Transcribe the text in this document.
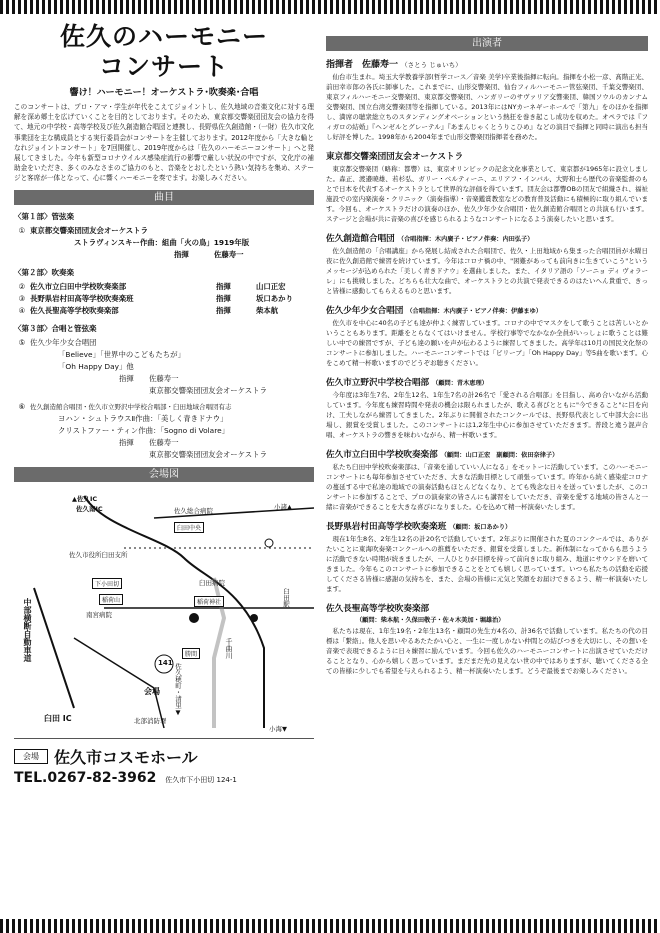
佐久のハーモニー
コンサート
響け！ハーモニー！オーケストラ･吹奏楽･合唱
このコンサートは、プロ・アマ・学生が年代をこえてジョイントし、佐久地域の音楽文化に対する理解を深め郷土を広げていくことを目的としております。そのため、東京都交響楽団団友会の協力を得て、地元の中学校・高等学校及び佐久創造館合唱団と連携し、長野県佐久創造館・（一財）佐久市文化事業団を主な構成員とする実行委員会がコンサートを主催しております。2012年度から「大きな輪となれジョイントコンサート」を7回開催し、2019年度からは「佐久のハーモニーコンサート」へと発展してきました。今年も新型コロナウイルス感染症流行の影響で厳しい状況の中ですが、文化庁の補助金をいただき、多くのみなさまのご協力のもと、音楽をとおしたという熱い気持ちを集め、ステージと客席が一体となって、心に響くハーモニーを奏でます。お楽しみください。
曲目
〈第１部〉管弦楽
① 東京都交響楽団団友会オーケストラ
ストラヴィンスキー作曲：組曲「火の鳥」1919年版
指揮	佐藤寿一
〈第２部〉吹奏楽
② 佐久市立臼田中学校吹奏楽部	指揮	山口正宏
③ 長野県岩村田高等学校吹奏楽班	指揮	坂口あかり
④ 佐久長聖高等学校吹奏楽部	指揮	柴本航
〈第３部〉合唱と管弦楽
⑤ 佐久少年少女合唱団
「Believe」「世界中のこどもたちが」
「Oh Happy Day」他
指揮	佐藤寿一
東京都交響楽団団友会オーケストラ
⑥ 佐久創造館合唱団・佐久市立野沢中学校合唱部・臼田地域合唱団有志
ヨハン・シュトラウスⅡ作曲：「美しく青きドナウ」
クリストファー・ティン作曲：「Sogno di Volare」
指揮	佐藤寿一
東京都交響楽団団友会オーケストラ
会場図
▲佐久IC
佐久南IC	佐久総合病院
臼田中央
佐久市役所臼田支所
下小田切
稲荷山
臼田病院
稲荷神社
南宮病院
中部横断自動車道
臼田 IC
会場
北部消防署
小諸▲
小海▼
千曲川
臼田駅
佐久穂町・清里▼
勝間
141
会場 佐久市コスモホール
TEL.0267-82-3962 佐久市下小田切 124-1
出演者
指揮者　佐藤寿一 （さとう じゅいち）
仙台市生まれ。埼玉大学教養学部(哲学コース／音楽 美学)卒業後指揮に転向。指揮を小松一彦、髙階正光、前田幸市郎の各氏に師事した。これまでに、山形交響楽団、仙台フィルハーモニー管弦楽団、千葉交響楽団、東京フィルハーモニー交響楽団、東京都交響楽団、ハンガリーのサヴァリア交響楽団、韓国ソウルのカンナム交響楽団、国立台湾交響楽団等を指揮している。2013年にはNYカーネギーホールで「第九」をのほかを指揮し、満席の聴衆総立ちのスタンディングオベーションという熱狂を巻き起こし成功を収めた。オペラでは『フィガロの結婚』『ヘンゼルとグレーテル』『あまんじゃくとうりこひめ』などの演目で指揮と同時に演出も担当し好評を博した。1998年から2004年まで山形交響楽団指揮者を務めた。
東京都交響楽団団友会オーケストラ
東京都交響楽団（略称：都響）は、東京オリンピックの記念文化事業として、東京都が1965年に設立しました。森正、渡邉暁雄、若杉弘、ガリー・ベルティーニ、エリアフ・インバル、大野和士ら歴代の音楽監督のもとで日本を代表するオーケストラとして世界的な評価を得ています。団友会は都響OBの団友で組織され、福祉施設での室内楽演奏・クリニック（演奏指導）・音楽鑑賞教室などの教育普及活動にも積極的に取り組んでいます。今回も、オーケストラだけの演奏のほか、佐久少年少女合唱団・佐久創造館合唱団との共演も行います。ステージと会場が共に音楽の喜びを感じられるようなコンサートになるよう演奏したいと思います。
佐久創造館合唱団 （合唱指揮：木内廣子・ピアノ伴奏：内田弘子）
佐久創造館の「合唱講座」から発展し結成された合唱団で、佐久・上田地域から集まった合唱団員が水曜日夜に佐久創造館で練習を続けています。今年はコロナ禍の中、"困難があっても前向きに生きていこう"というメッセージが込められた「美しく青きドナウ」を選曲しました。また、イタリア語の「ソーニョ ディ ヴォラーレ」にも挑戦しました。どちらも壮大な曲で、オーケストラとの共演で発表できるのはたいへん貴重で、きっと皆様に感動してもらえるものと思います。
佐久少年少女合唱団 （合唱指揮：木内廣子・ピアノ伴奏：伊藤まゆ）
佐久市を中心に40名の子ども達が仲よく練習しています。コロナの中でマスクをして歌うことは苦しいとかいうこともあります。距離をとらなくてはいけません。学校行事等でなかなか全員がいっしょに歌うことは難しい中での練習ですが、子ども達の願いを声が伝わるように練習してきました。高学年は10月の国民文化祭のコンサートに参加しました。ハーモニーコンサートでは「ビリーブ」「Oh Happy Day」等5曲を歌います。心をこめて精一杯歌いますのでどうぞお聴きください。
佐久市立野沢中学校合唱部 （顧問：青木恵理）
今年度は3年生7名、2年生12名、1年生7名の計26名で「愛される合唱部」を目指し、高め合いながら活動しています。今年度も練習時間や発表の機会は限られましたが、歌える喜びとともに"今できること"に目を向け、工夫しながら練習してきました。2年ぶりに開催されたコンクールでは、長野県代表として中部大会に出場し、銀賞を受賞しました。このコンサートには1,2年生中心に参加させていただきます。普段と違う混声合唱、オーケストラの響きを味わいながら、精一杯歌います。
佐久市立臼田中学校吹奏楽部 （顧問：山口正宏　副顧問：依田奈律子）
私たち臼田中学校吹奏楽部は、「音楽を通していい人になる」をモットーに活動しています。このハーモニーコンサートにも毎年参加させていただき、大きな活動目標として頑張っています。昨年から続く感染症コロナの蔓延する中で私達の地域での演奏活動もほとんどなくなり、とても残念な日々を送っていましたが、このコンサートに参加することで、プロの演奏家の皆さんにも講習をしていただき、音楽を愛する地域の皆さんと一緒に音楽ができることを大きな喜びになりました。心を込めて精一杯演奏いたします。
長野県岩村田高等学校吹奏楽班 （顧問：坂口あかり）
現在1年生8名、2年生12名の計20名で活動しています。2年ぶりに開催された夏のコンクールでは、ありがたいことに東海吹奏楽コンクールへの推薦をいただき、銀賞を受賞しました。新体制になってからも思うように活動できない時期が続きましたが、一人ひとりが目標を持って前向きに取り組み、地道にサウンドを磨いてきました。今年もこのコンサートに参加できることをとても嬉しく思っています。いつも私たちの活動を応援してくださる皆様に感謝の気持ちを、また、会場の皆様に元気と笑顔をお届けできるよう、精一杯演奏いたします。
佐久長聖高等学校吹奏楽部
（顧問：柴本航・久保田敬子・佐々木美加・堀雄治）
私たちは現在、1年生19名・2年生13名・顧問の先生方4名の、計36名で活動しています。私たちの代の目標は「繋絡」。他人を思いやるあたたかい心と、一生に一度しかない仲間との結びつきを大切にし、その想いを音楽で表現できるように日々練習に励んでいます。今回も佐久のハーモニーコンサートに出演させていただけることとなり、心から嬉しく思っています。まだまだ先の見えない世の中ではありますが、聴いてくださる全ての皆様に少しでも希望を与えられるよう、精一杯演奏いたします。どうぞ最後までお楽しみください。
